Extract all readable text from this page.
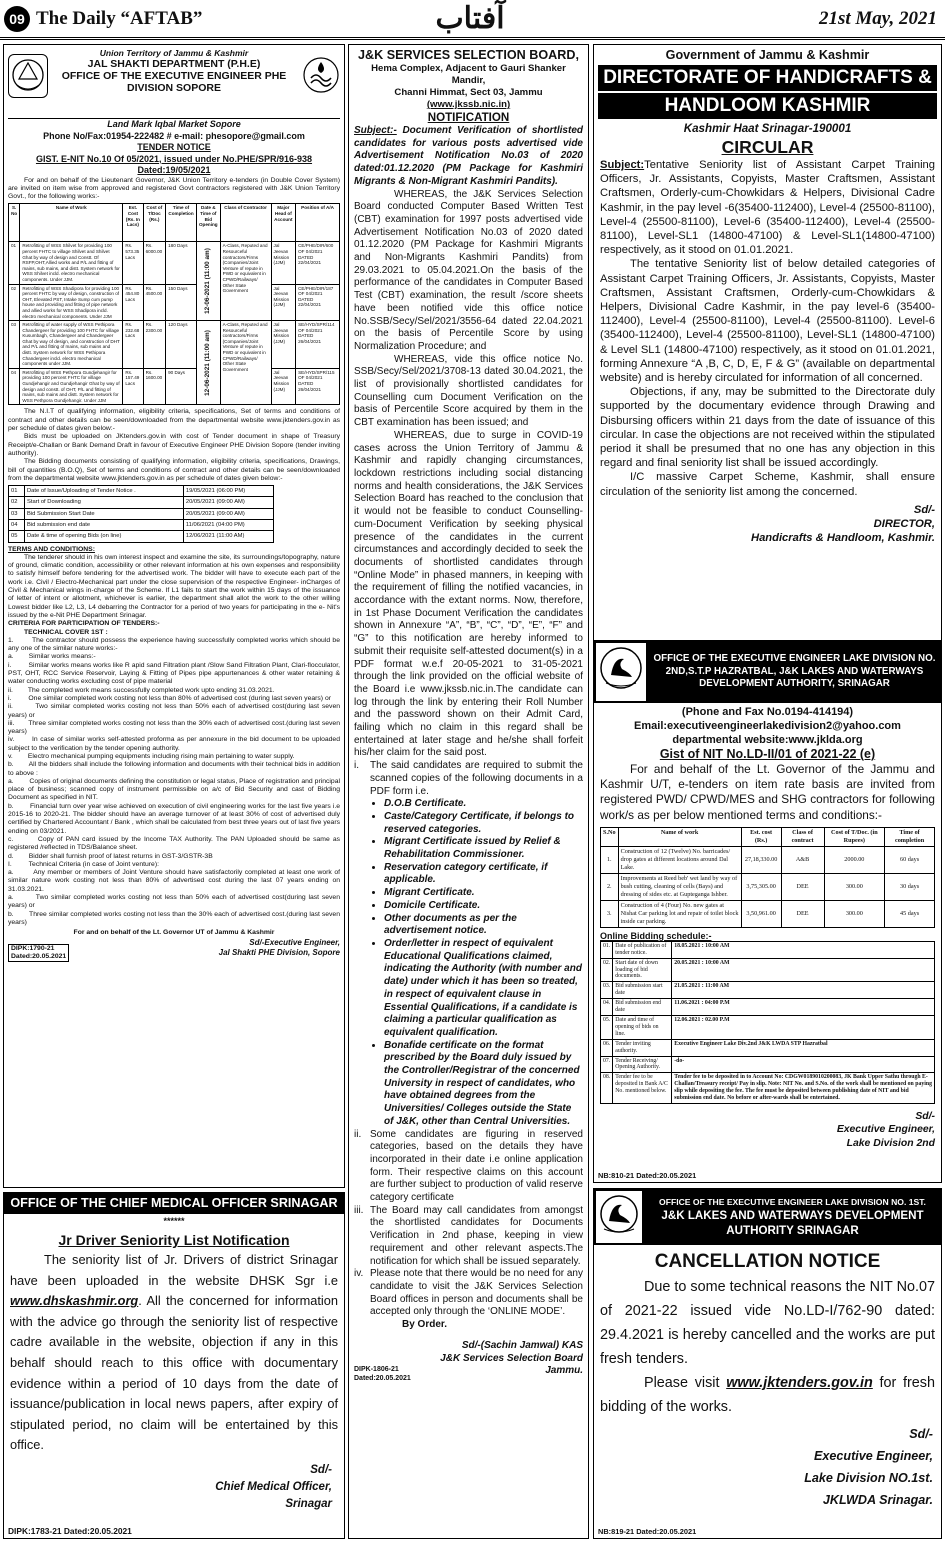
09 The Daily “AFTAB”	آفتاب	21st May, 2021
Union Territory of Jammu & Kashmir
JAL SHAKTI DEPARTMENT (P.H.E)
OFFICE OF THE EXECUTIVE ENGINEER PHE DIVISION SOPORE
Land Mark Iqbal Market Sopore
Phone No/Fax:01954-222482 # e-mail: phesopore@gmail.com
TENDER NOTICE
GIST. E-NIT No.10 Of 05/2021, issued under No.PHE/SPR/916-938
Dated:19/05/2021

For and on behalf of the Lieutenant Governor, J&K Union Territory e-tenders (in Double Cover System) are invited on item wise from approved and registered Govt contractors registered with J&K Union Territory Govt., for the following works:-

S. No	Name of Work	Est. Cost (Rs. In Lacs)	Cost of T/Doc (Rs.)	Time of Completion	Date & Time of Bid Opening	Class of Contractor	Major Head of Account	Position of A/A
01	Retrofitting of WSS Shilvet for providing 100 percent FHTC to village Shilvet and Shilvet Ghat by way of design and Constt. Of RSFP,OHT,Allied works and P/L and fitting of mains, sub mains, and distt. System network for WSS Shilvet incld. electro mechanical components. Under JJM.	Rs. 573.35 Lacs	Rs. 6000.00	180 Days	12-06-2021 (11:00 am)	A-Class, Reputed and Resourceful contractors/Firms (Companies/Joint Venture of repute in PWD or equivalent in CPWD/Railways/ Other State Government	Jal Jeevan Mission (JJM)	CE/PHE/DIR/600 OF 04/2021 DATED 22/04/2021
02	Retrofitting of WSS Shadipora for providing 100 percent FHTC by way of design, construction of OHT, Elevated PST, Intake Sump cum pump house and providing and fitting of pipe network and allied works for WSS Shadipora incld. electro mechanical components. Under JJM	Rs. 454.80 Lacs	Rs. 4500.00	150 Days			Jal Jeevan Mission (JJM)	CE/PHE/DIR/187 OF 04/2021 DATED 22/04/2021
03	Retrofitting of water supply of WSS Pethipora Chandergeer for providing 100 FHTC for village Kusumbagh, Chandergeer and Chandergeer Ghat by way of design, and construction of DHT and P/L and fitting of mains, sub mains and distt. System network for WSS Pethipora Chandergeer incld. electro mechanical components under JJM.	Rs. 232.68 Lacs	Rs. 2300.00	120 Days	12-06-2021 (11:00 am)	A-Class, Reputed and Resourceful contractors/Firms (Companies/Joint Venture of repute in PWD or equivalent in CPWD/Railways/ Other State Government	Jal Jeevan Mission (JJM)	SE/HYD/SPR/114 OF 04/2021 DATED 26/04/2021
04	Retrofitting of WSS Pethpora Gundjehangir for providing 100 percent FHTC for village Gundjehangir and Gundjehangir Ghat by way of design and constt. of OHT, P/L and fitting of mains, sub mains and distt. System network for WSS Pethpora Gundjehangir. Under JJM	Rs. 157.49 Lacs	Rs. 1600.00	90 Days			Jal Jeevan Mission (JJM)	SE/HYD/SPR/115 OF 04/2021 DATED 26/04/2021

The N.I.T of qualifying information, eligibility criteria, specifications, Set of terms and conditions of contract and other details can be seen/downloaded from the departmental website www.jktenders.gov.in as per schedule of dates given below:-

Bids must be uploaded on JKtenders.gov.in with cost of Tender document in shape of Treasury Receipt/e-Challan or Bank Demand Draft in favour of Executive Engineer PHE Division Sopore (tender inviting authority).

The Bidding documents consisting of qualifying information, eligibility criteria, specifications, Drawings, bill of quantities (B.O.Q), Set of terms and conditions of contract and other details can be seen/downloaded from the departmental website www.jktenders.gov.in as per schedule of dates given below:-

01	Date of Issue/Uploading of Tender Notice .	19/05/2021 (06:00 PM)
02	Start of Downloading	20/05/2021 (09:00 AM)
03	Bid Submission Start Date	20/05/2021 (09:00 AM)
04	Bid submission end date	11/06/2021 (04:00 PM)
05	Date & time of opening Bids (on line)	12/06/2021 (11:00 AM)
TERMS AND CONDITIONS:

The tenderer should in his own interest inspect and examine the site, its surroundings/topography, nature of ground, climatic condition, accessibility or other relevant information at his own expenses and responsibility to satisfy himself before tendering for the advertised work. The bidder will have to execute each part of the work i.e. Civil / Electro-Mechanical part under the close supervision of the respective Engineer- inCharges of Civil & Mechanical wings in-charge of the Scheme. If L1 fails to start the work within 15 days of the issuance of letter of intent or allotment, whichever is earlier, the department shall allot the work to the other willing Lowest bidder like L2, L3, L4 debarring the Contractor for a period of two years for participating in the e- Nit's issued by the e-Nit PHE Department Srinagar.

CRITERIA FOR PARTICIPATION OF TENDERS:-
TECHNICAL COVER 1ST :
1.        The contractor should possess the experience having successfully completed works which should be any one of the similar nature works:-
a.        Similar works means:-
i.         Similar works means works like R apid sand Filtration plant /Slow Sand Filtration Plant, Clari-flocculator, PST, OHT, RCC Service Reservoir, Laying & Fitting of Pipes pipe appurtenances & other water retaining & water conducting works excluding cost of pipe material
ii.        The completed work means successfully completed work upto ending 31.03.2021.
i.         One similar completed work costing not less than 80% of advertised cost (during last seven years) or
ii.        Two similar completed works costing not less than 50% each of advertised cost(during last seven years) or
iii.       Three similar completed works costing not less than the 30% each of advertised cost.(during last seven years)
iv.       In case of similar works self-attested proforma as per annexure in the bid document to be uploaded subject to the verification by the tender opening authority.
v.        Electro mechanical pumping equipments including rising main pertaining to water supply.
b.        All the bidders shall include the following information and documents with their technical bids in addition to above :
a.        Copies of original documents defining the constitution or legal status, Place of registration and principal place of business; scanned copy of instrument permissible on a/c of Bid Security and cast of Bidding Document as specified in NIT.
b.        Financial turn over year wise achieved on execution of civil engineering works for the last five years i.e 2015-16 to 2020-21. The bidder should have an average turnover of at least 30% of cost of advertised duly certified by Chartered Accountant / Bank , which shall be calculated from best three years out of last five years ending on 03/2021.
c.        Copy of PAN card issued by the Income TAX Authority. The PAN Uploaded should be same as registered /reflected in TDS/Balance sheet.
d.        Bidder shall furnish proof of latest returns in GST-3/GSTR-3B
I.         Technical Criteria (in case of Joint venture):
a.        Any member or members of Joint Venture should have satisfactorily completed at least one work of similar nature work costing not less than 80% of advertised cost during the last 07 years ending on 31.03.2021.
a.        Two similar completed works costing not less than 50% each of advertised cost(during last seven years) or
b.        Three similar completed works costing not less than the 30% each of advertised cost.(during last seven years)
For and on behalf of the Lt. Governor UT of Jammu & Kashmir
DIPK:1790-21
Dated:20.05.2021
Sd/-Executive Engineer,
Jal Shakti PHE Division, Sopore
OFFICE OF THE CHIEF MEDICAL OFFICER SRINAGAR
******
Jr Driver Seniority List Notification

The seniority list of Jr. Drivers of district Srinagar have been uploaded in the website DHSK Sgr i.e www.dhskashmir.org. All the concerned for information with the advice go through the seniority list of respective cadre available in the website, objection if any in this behalf should reach to this office with documentary evidence within a period of 10 days from the date of issuance/publication in local news papers, after expiry of stipulated period, no claim will be entertained by this office.

Sd/-
Chief Medical Officer,
Srinagar
DIPK:1783-21 Dated:20.05.2021
J&K SERVICES SELECTION BOARD,
Hema Complex, Adjacent to Gauri Shanker Mandir,
Channi Himmat, Sect 03, Jammu
(www.jkssb.nic.in)
NOTIFICATION

Subject:- Document Verification of shortlisted candidates for various posts advertised vide Advertisement Notification No.03 of 2020 dated:01.12.2020 (PM Package for Kashmiri Migrants & Non-Migrant Kashmiri Pandits).

WHEREAS, the J&K Services Selection Board conducted Computer Based Written Test (CBT) examination for 1997 posts advertised vide Advertisement Notification No.03 of 2020 dated 01.12.2020 (PM Package for Kashmiri Migrants and Non-Migrants Kashmiri Pandits) from 29.03.2021 to 05.04.2021.On the basis of the performance of the candidates in Computer Based Test (CBT) examination, the result /score sheets have been notified vide this office notice No.SSB/Secy/Sel/2021/3556-64 dated 22.04.2021 on the basis of Percentile Score by using Normalization Procedure; and

WHEREAS, vide this office notice No. SSB/Secy/Sel/2021/3708-13 dated 30.04.2021, the list of provisionally shortlisted candidates for Counselling cum Document Verification on the basis of Percentile Score acquired by them in the CBT examination has been issued; and

WHEREAS, due to surge in COVID-19 cases across the Union Territory of Jammu & Kashmir and rapidly changing circumstances, lockdown restrictions including social distancing norms and health considerations, the J&K Services Selection Board has reached to the conclusion that it would not be feasible to conduct Counselling-cum-Document Verification by seeking physical presence of the candidates in the current circumstances and accordingly decided to seek the documents of shortlisted candidates through “Online Mode” in phased manners, in keeping with the requirement of filling the notified vacancies, in accordance with the extant norms. Now, therefore, in 1st Phase Document Verification the candidates shown in Annexure “A”, “B”, “C”, “D”, “E”, “F” and “G” to this notification are hereby informed to submit their requisite self-attested document(s) in a PDF format w.e.f 20-05-2021 to 31-05-2021 through the link provided on the official website of the Board i.e www.jkssb.nic.in.The candidate can log through the link by entering their Roll Number and the password shown on their Admit Card, failing which no claim in this regard shall be entertained at later stage and he/she shall forfeit his/her claim for the said post.

i.	The said candidates are required to submit the scanned copies of the following documents in a PDF form i.e.
• D.O.B Certificate.
• Caste/Category Certificate, if belongs to reserved categories.
• Migrant Certificate issued by Relief & Rehabilitation Commissioner.
• Reservation category certificate, if applicable.
• Migrant Certificate.
• Domicile Certificate.
• Other documents as per the advertisement notice.
• Order/letter in respect of equivalent Educational Qualifications claimed, indicating the Authority (with number and date) under which it has been so treated, in respect of equivalent clause in Essential Qualifications, if a candidate is claiming a particular qualification as equivalent qualification.
• Bonafide certificate on the format prescribed by the Board duly issued by the Controller/Registrar of the concerned University in respect of candidates, who have obtained degrees from the Universities/ Colleges outside the State of J&K, other than Central Universities.
ii. Some candidates are figuring in reserved categories, based on the details they have incorporated in their date i.e online application form. Their respective claims on this account are further subject to production of valid reserve category certificate
iii. The Board may call candidates from amongst the shortlisted candidates for Documents Verification in 2nd phase, keeping in view requirement and other relevant aspects.The notification for which shall be issued separately.
iv. Please note that there would be no need for any candidate to visit the J&K Services Selection Board offices in person and documents shall be accepted only through the ‘ONLINE MODE’.
By Order.
Sd/-(Sachin Jamwal) KAS
J&K Services Selection Board
DIPK-1806-21
Dated:20.05.2021
Jammu.
Government of Jammu & Kashmir
DIRECTORATE OF HANDICRAFTS &
HANDLOOM KASHMIR
Kashmir Haat Srinagar-190001
CIRCULAR

Subject:Tentative Seniority list of Assistant Carpet Training Officers, Jr. Assistants, Copyists, Master Craftsmen, Assistant Craftsmen, Orderly-cum-Chowkidars & Helpers, Divisional Cadre Kashmir, in the pay level -6(35400-112400), Level-4 (25500-81100), Level-4 (25500-81100), Level-6 (35400-112400), Level-4 (25500-81100), Level-SL1 (14800-47100) & Level-SL1(14800-47100) respectively, as it stood on 01.01.2021.

The tentative Seniority list of below detailed categories of Assistant Carpet Training Officers, Jr. Assistants, Copyists, Master Craftsmen, Assistant Craftsmen, Orderly-cum-Chowkidars & Helpers, Divisional Cadre Kashmir, in the pay level-6 (35400-112400), Level-4 (25500-81100), Level-4 (25500-81100). Level-6 (35400-112400), Level-4 (25500-81100), Level-SL1 (14800-47100) & Level SL1 (14800-47100) respectively, as it stood on 01.01.2021, forming Annexure “A ,B, C, D, E, F & G” (available on departmental website) and is hereby circulated for information of all concerned.

Objections, if any, may be submitted to the Directorate duly supported by the documentary evidence through Drawing and Disbursing officers within 21 days from the date of issuance of this circular. In case the objections are not received within the stipulated period it shall be presumed that no one has any objection in this regard and final seniority list shall be issued accordingly.

I/C massive Carpet Scheme, Kashmir, shall ensure circulation of the seniority list among the concerned.

Sd/-
DIRECTOR,
Handicrafts & Handloom, Kashmir.
OFFICE OF THE EXECUTIVE ENGINEER LAKE DIVISION NO. 2ND,S.T.P HAZRATBAL, J&K LAKES AND WATERWAYS DEVELOPMENT AUTHORITY, SRINAGAR
(Phone and Fax No.0194-414194)
Email:executiveengineerlakedivision2@yahoo.com
departmental website:www.jklda.org
Gist of NIT No.LD-II/01 of 2021-22 (e)

For and behalf of the Lt. Governor of the Jammu and Kashmir U/T, e-tenders on item rate basis are invited from registered PWD/ CPWD/MES and SHG contractors for following work/s as per below mentioned terms and conditions:-

S.No	Name of work	Est. cost (Rs.)	Class of contract	Cost of T/Doc. (in Rupees)	Time of completion
1.	Construction of 12 (Twelve) No. barricades/ drop gates at different locations around Dal Lake.	27,18,330.00	A&B	2000.00	60 days
2.	Improvements at Reed beb' wet land by way of bush cutting, cleaning of cells (Bays) and dressing of sides etc. at Gupteganga Ishber.	3,75,305.00	DEE	300.00	30 days
3.	Construction of 4 (Four) No. new gates at Nishat Car parking lot and repair of toilet block inside car parking.	3,50,961.00	DEE	300.00	45 days
Online Bidding schedule:-
01.	Date of publication of tender notice.	18.05.2021 : 10:00 AM
02.	Start date of down loading of bid documents.	20.05.2021 : 10:00 AM
03.	Bid submission start date	21.05.2021 : 11:00 AM
04.	Bid submission end date	11.06.2021 : 04:00 P.M
05.	Date and time of opening of bids on line.	12.06.2021 : 02.00 P.M
06.	Tender inviting authority.	Executive Engineer Lake Div.2nd J&K LWDA STP Hazratbal
07.	Tender Receiving/ Opening Authority.	-do-
08.	Tender fee to be deposited in Bank A/C No. mentioned below.	Tender fee to be deposited in to Account No: CDGW0189010200083, JK Bank Upper Sathu through E-Challan/Treasury receipt/ Pay in slip. Note: NIT No. and S.No. of the work shall be mentioned on paying slip while depositing the fee. The fee must be deposited between publishing date of NIT and bid submission end date. No before or after-wards shall be entertained.
Sd/-
Executive Engineer,
Lake Division 2nd
NB:810-21 Dated:20.05.2021
OFFICE OF THE EXECUTIVE ENGINEER LAKE DIVISION NO. 1ST.
J&K LAKES AND WATERWAYS DEVELOPMENT
AUTHORITY SRINAGAR
CANCELLATION NOTICE

Due to some technical reasons the NIT No.07 of 2021-22 issued vide No.LD-I/762-90 dated: 29.4.2021 is hereby cancelled and the works are put fresh tenders.

Please visit www.jktenders.gov.in for fresh bidding of the works.

Sd/-
Executive Engineer,
Lake Division NO.1st.
JKLWDA Srinagar.
NB:819-21 Dated:20.05.2021
